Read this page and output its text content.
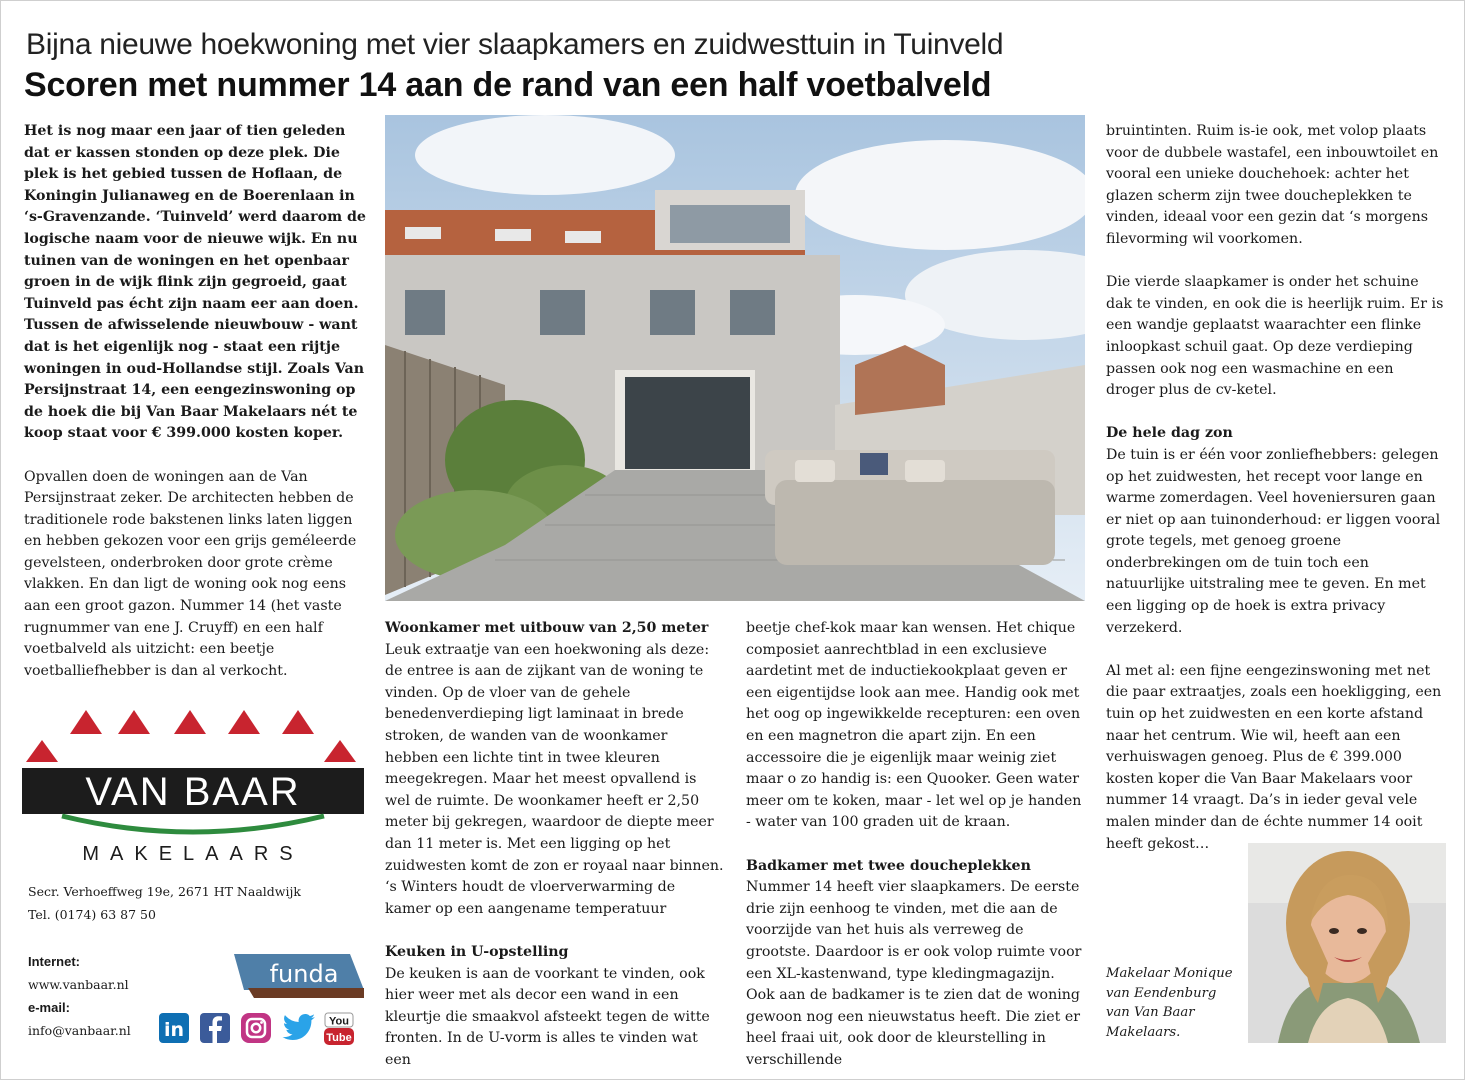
Bijna nieuwe hoekwoning met vier slaapkamers en zuidwesttuin in Tuinveld
Scoren met nummer 14 aan de rand van een half voetbalveld

Het is nog maar een jaar of tien geleden dat er kassen stonden op deze plek. Die plek is het gebied tussen de Hoflaan, de Koningin Julianaweg en de Boerenlaan in ‘s-Gravenzande. ‘Tuinveld’ werd daarom de logische naam voor de nieuwe wijk. En nu tuinen van de woningen en het openbaar groen in de wijk flink zijn gegroeid, gaat Tuinveld pas écht zijn naam eer aan doen. Tussen de afwisselende nieuwbouw - want dat is het eigenlijk nog - staat een rijtje woningen in oud-Hollandse stijl. Zoals Van Persijnstraat 14, een eengezinswoning op de hoek die bij Van Baar Makelaars nét te koop staat voor € 399.000 kosten koper.

Opvallen doen de woningen aan de Van Persijnstraat zeker. De architecten hebben de traditionele rode bakstenen links laten liggen en hebben gekozen voor een grijs geméleerde gevelsteen, onderbroken door grote crème vlakken. En dan ligt de woning ook nog eens aan een groot gazon. Nummer 14 (het vaste rugnummer van ene J. Cruyff) en een half voetbalveld als uitzicht: een beetje voetballiefhebber is dan al verkocht.

Woonkamer met uitbouw van 2,50 meter
Leuk extraatje van een hoekwoning als deze: de entree is aan de zijkant van de woning te vinden. Op de vloer van de gehele benedenverdieping ligt laminaat in brede stroken, de wanden van de woonkamer hebben een lichte tint in twee kleuren meegekregen. Maar het meest opvallend is wel de ruimte. De woonkamer heeft er 2,50 meter bij gekregen, waardoor de diepte meer dan 11 meter is. Met een ligging op het zuidwesten komt de zon er royaal naar binnen. ‘s Winters houdt de vloerverwarming de kamer op een aangename temperatuur

Keuken in U-opstelling
De keuken is aan de voorkant te vinden, ook hier weer met als decor een wand in een kleurtje die smaakvol afsteekt tegen de witte fronten. In de U-vorm is alles te vinden wat een

beetje chef-kok maar kan wensen. Het chique composiet aanrechtblad in een exclusieve aardetint met de inductiekookplaat geven er een eigentijdse look aan mee. Handig ook met het oog op ingewikkelde recepturen: een oven en een magnetron die apart zijn. En een accessoire die je eigenlijk maar weinig ziet maar o zo handig is: een Quooker. Geen water meer om te koken, maar - let wel op je handen - water van 100 graden uit de kraan.

Badkamer met twee doucheplekken
Nummer 14 heeft vier slaapkamers. De eerste drie zijn eenhoog te vinden, met die aan de voorzijde van het huis als verreweg de grootste. Daardoor is er ook volop ruimte voor een XL-kastenwand, type kledingmagazijn. Ook aan de badkamer is te zien dat de woning gewoon nog een nieuwstatus heeft. Die ziet er heel fraai uit, ook door de kleurstelling in verschillende

bruintinten. Ruim is-ie ook, met volop plaats voor de dubbele wastafel, een inbouwtoilet en vooral een unieke douchehoek: achter het glazen scherm zijn twee doucheplekken te vinden, ideaal voor een gezin dat ‘s morgens filevorming wil voorkomen.

Die vierde slaapkamer is onder het schuine dak te vinden, en ook die is heerlijk ruim. Er is een wandje geplaatst waarachter een flinke inloopkast schuil gaat. Op deze verdieping passen ook nog een wasmachine en een droger plus de cv-ketel.

De hele dag zon
De tuin is er één voor zonliefhebbers: gelegen op het zuidwesten, het recept voor lange en warme zomerdagen. Veel hoveniersuren gaan er niet op aan tuinonderhoud: er liggen vooral grote tegels, met genoeg groene onderbrekingen om de tuin toch een natuurlijke uitstraling mee te geven. En met een ligging op de hoek is extra privacy verzekerd.

Al met al: een fijne eengezinswoning met net die paar extraatjes, zoals een hoekligging, een tuin op het zuidwesten en een korte afstand naar het centrum. Wie wil, heeft aan een verhuiswagen genoeg. Plus de € 399.000 kosten koper die Van Baar Makelaars voor nummer 14 vraagt. Da’s in ieder geval vele malen minder dan de échte nummer 14 ooit heeft gekost…

VAN BAAR
MAKELAARS
Secr. Verhoeffweg 19e, 2671 HT Naaldwijk
Tel. (0174) 63 87 50
Internet:
www.vanbaar.nl
e-mail:
info@vanbaar.nl
funda
in	You
Tube
Makelaar Monique van Eendenburg van Van Baar Makelaars.
